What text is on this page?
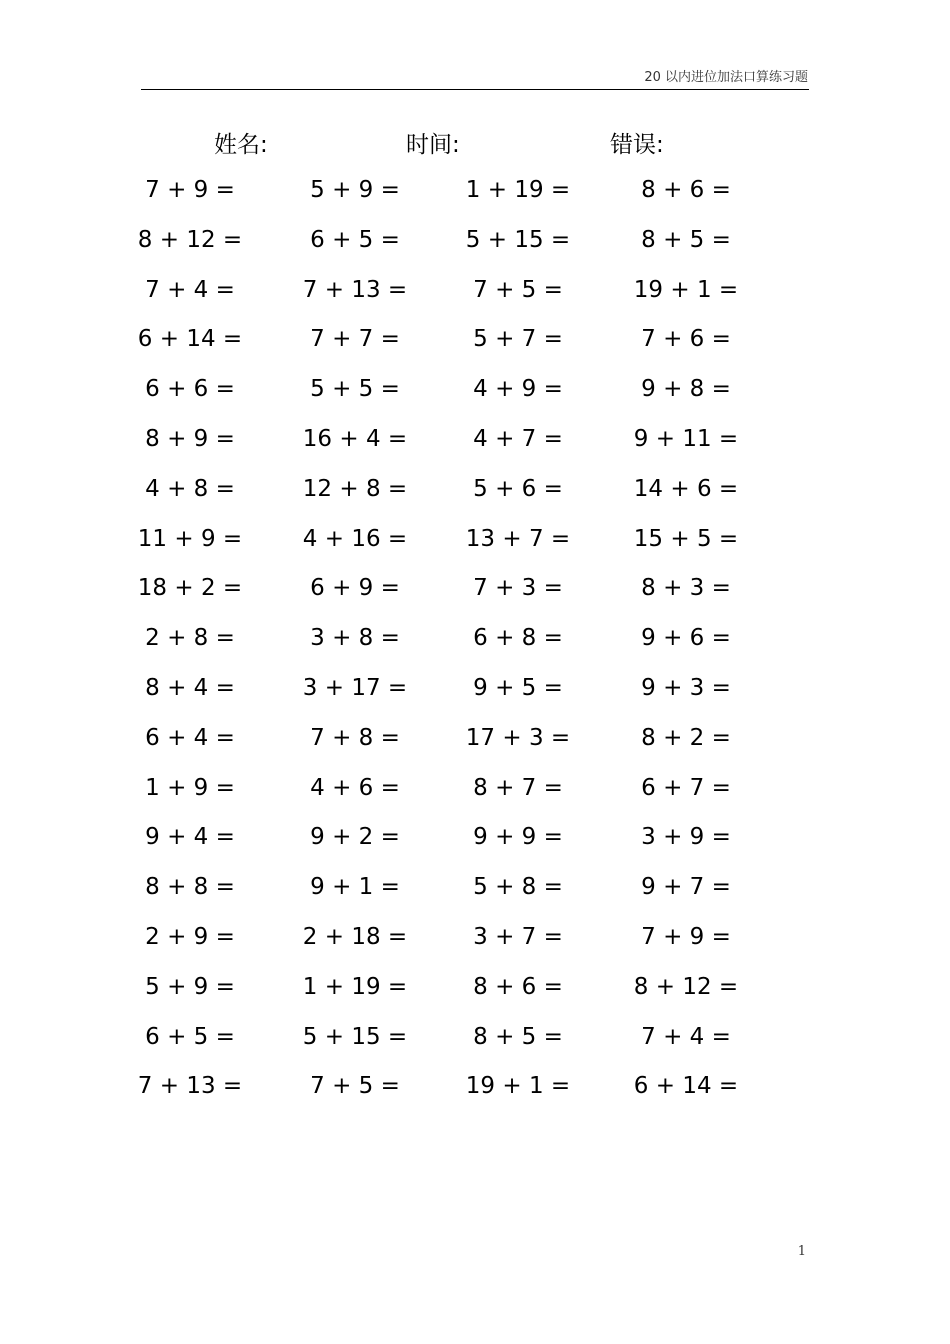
20 以内进位加法口算练习题
姓名:	时间:	错误:
7 + 9 =	5 + 9 =	1 + 19 =	8 + 6 =
8 + 12 =	6 + 5 =	5 + 15 =	8 + 5 =
7 + 4 =	7 + 13 =	7 + 5 =	19 + 1 =
6 + 14 =	7 + 7 =	5 + 7 =	7 + 6 =
6 + 6 =	5 + 5 =	4 + 9 =	9 + 8 =
8 + 9 =	16 + 4 =	4 + 7 =	9 + 11 =
4 + 8 =	12 + 8 =	5 + 6 =	14 + 6 =
11 + 9 =	4 + 16 =	13 + 7 =	15 + 5 =
18 + 2 =	6 + 9 =	7 + 3 =	8 + 3 =
2 + 8 =	3 + 8 =	6 + 8 =	9 + 6 =
8 + 4 =	3 + 17 =	9 + 5 =	9 + 3 =
6 + 4 =	7 + 8 =	17 + 3 =	8 + 2 =
1 + 9 =	4 + 6 =	8 + 7 =	6 + 7 =
9 + 4 =	9 + 2 =	9 + 9 =	3 + 9 =
8 + 8 =	9 + 1 =	5 + 8 =	9 + 7 =
2 + 9 =	2 + 18 =	3 + 7 =	7 + 9 =
5 + 9 =	1 + 19 =	8 + 6 =	8 + 12 =
6 + 5 =	5 + 15 =	8 + 5 =	7 + 4 =
7 + 13 =	7 + 5 =	19 + 1 =	6 + 14 =
1
